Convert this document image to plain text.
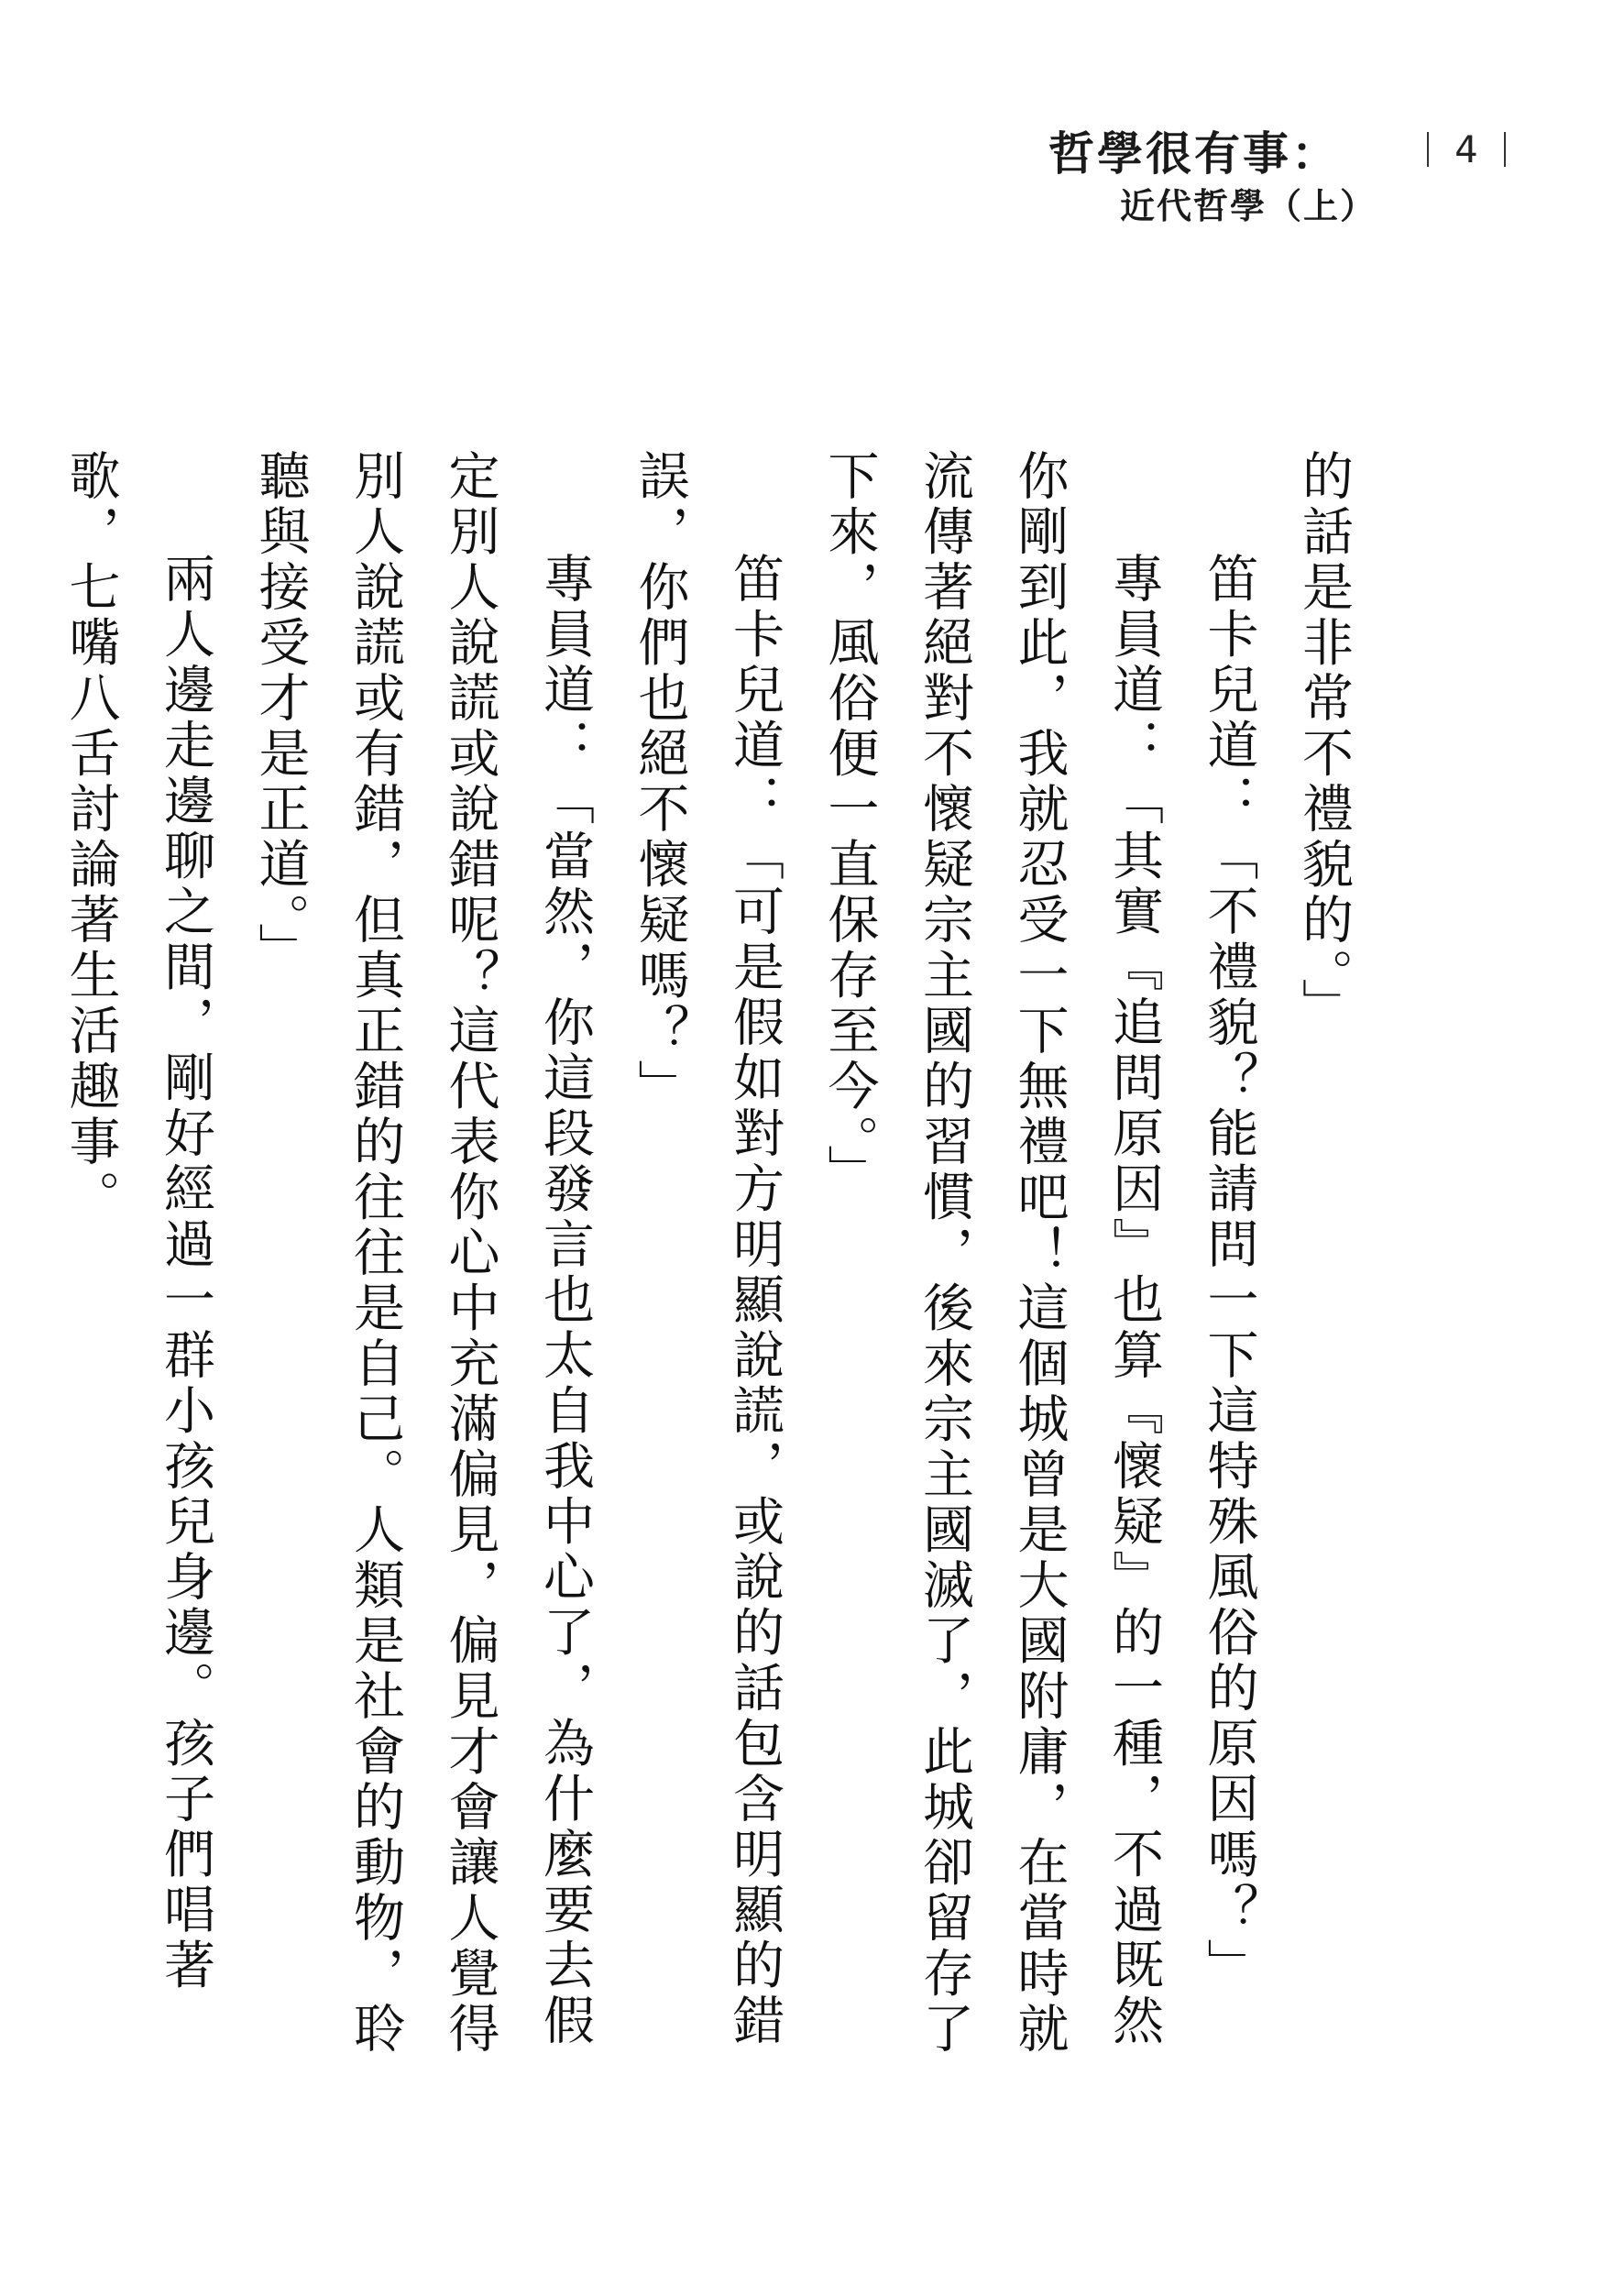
哲學很有事：
近代哲學（上）
4

的話是非常不禮貌的。」

笛卡兒道：「不禮貌？能請問一下這特殊風俗的原因嗎？」

專員道：「其實『追問原因』也算『懷疑』的一種，不過既然你剛到此，我就忍受一下無禮吧！這個城曾是大國附庸，在當時就流傳著絕對不懷疑宗主國的習慣，後來宗主國滅了，此城卻留存了下來，風俗便一直保存至今。」

笛卡兒道：「可是假如對方明顯說謊，或說的話包含明顯的錯誤，你們也絕不懷疑嗎？」

專員道：「當然，你這段發言也太自我中心了，為什麼要去假定別人說謊或說錯呢？這代表你心中充滿偏見，偏見才會讓人覺得別人說謊或有錯，但真正錯的往往是自己。人類是社會的動物，聆聽與接受才是正道。」

兩人邊走邊聊之間，剛好經過一群小孩兒身邊。孩子們唱著歌，七嘴八舌討論著生活趣事。
